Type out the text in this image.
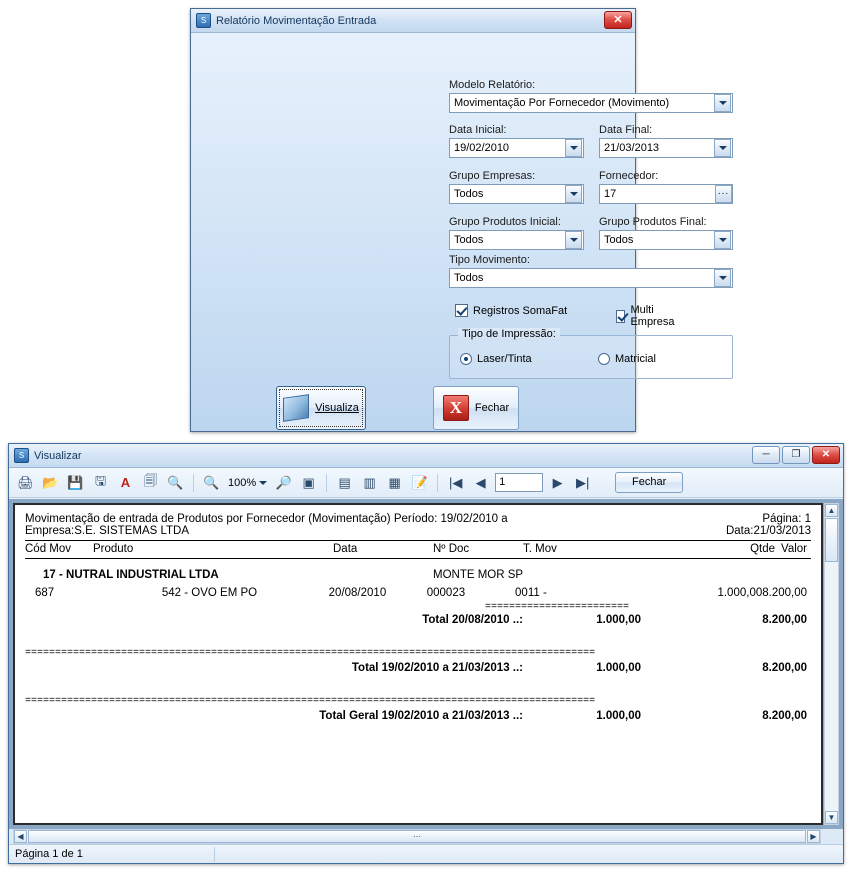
S Relatório Movimentação Entrada	✕
Modelo Relatório:
Movimentação Por Fornecedor (Movimento)
Data Inicial:
19/02/2010
Data Final:
21/03/2013
Grupo Empresas:
Todos
Fornecedor:
17	...
Grupo Produtos Inicial:
Todos
Grupo Produtos Final:
Todos
Tipo Movimento:
Todos
Registros SomaFat	Multi Empresa
Tipo de Impressão:
Laser/Tinta	Matricial
Visualiza	X	Fechar
S Visualizar	─	❐	✕
🖨 📂 💾 🖫	A	🗐 🔍 🔍 100% 🔎 ▣	▤ ▥ ▦ 📝 |◀	◀	1	▶	▶|	Fechar
Movimentação de entrada de Produtos por Fornecedor (Movimentação) Período: 19/02/2010 a	Página: 1
Empresa:S.E. SISTEMAS LTDA	Data:21/03/2013
Cód Mov	Produto	Data	Nº Doc	T. Mov	Qtde Valor
17 - NUTRAL INDUSTRIAL LTDA	MONTE MOR SP
687	542 - OVO EM PO	20/08/2010	000023	0011 -	1.000,00 8.200,00
========================
Total 20/08/2010 ..:	1.000,00	8.200,00
===============================================================================================
Total 19/02/2010 a 21/03/2013 ..:	1.000,00	8.200,00
===============================================================================================
Total Geral 19/02/2010 a 21/03/2013 ..:	1.000,00	8.200,00
▲
▼
◀	⋯	▶
Página 1 de 1
